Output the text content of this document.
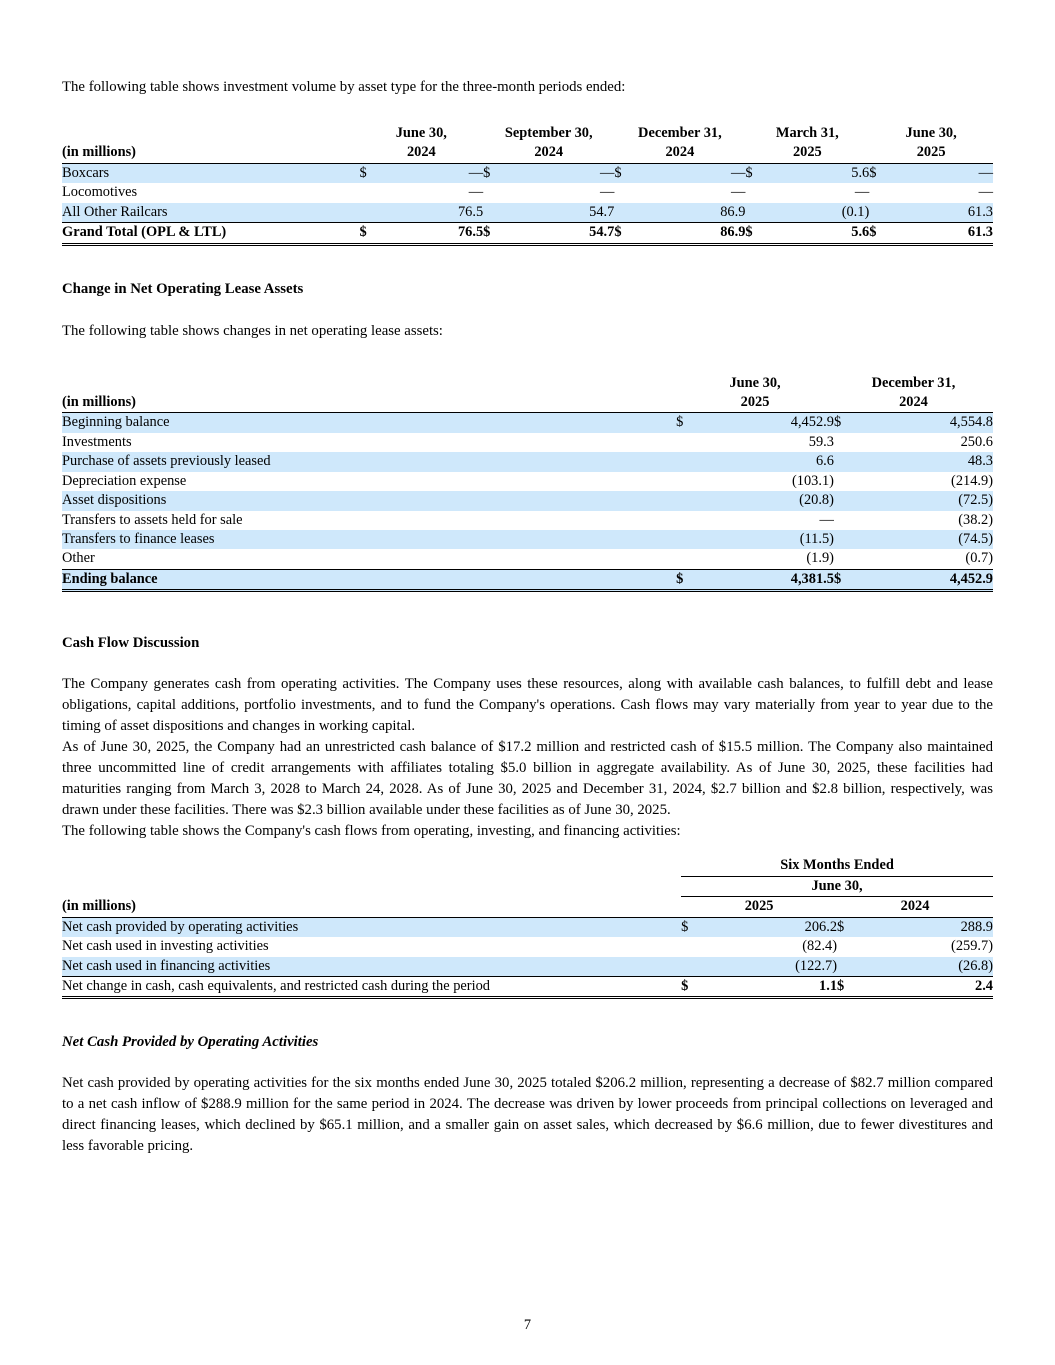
The following table shows investment volume by asset type for the three-month periods ended:

	June 30,		September 30,		December 31,		March 31,		June 30,	
(in millions)	2024		2024		2024		2025		2025	
Boxcars	$	—	$	—	$	—	$	5.6	$	—
Locomotives		—		—		—		—		—
All Other Railcars		76.5		54.7		86.9		(0.1)		61.3
Grand Total (OPL & LTL)	$	76.5	$	54.7	$	86.9	$	5.6	$	61.3
Change in Net Operating Lease Assets

The following table shows changes in net operating lease assets:

	June 30,		December 31,	
(in millions)	2025		2024	
Beginning balance	$	4,452.9	$	4,554.8
Investments		59.3		250.6
Purchase of assets previously leased		6.6		48.3
Depreciation expense		(103.1)		(214.9)
Asset dispositions		(20.8)		(72.5)
Transfers to assets held for sale		—		(38.2)
Transfers to finance leases		(11.5)		(74.5)
Other		(1.9)		(0.7)
Ending balance	$	4,381.5	$	4,452.9
Cash Flow Discussion

The Company generates cash from operating activities. The Company uses these resources, along with available cash balances, to fulfill debt and lease obligations, capital additions, portfolio investments, and to fund the Company's operations. Cash flows may vary materially from year to year due to the timing of asset dispositions and changes in working capital.

As of June 30, 2025, the Company had an unrestricted cash balance of $17.2 million and restricted cash of $15.5 million. The Company also maintained three uncommitted line of credit arrangements with affiliates totaling $5.0 billion in aggregate availability. As of June 30, 2025, these facilities had maturities ranging from March 3, 2028 to March 24, 2028. As of June 30, 2025 and December 31, 2024, $2.7 billion and $2.8 billion, respectively, was drawn under these facilities. There was $2.3 billion available under these facilities as of June 30, 2025.

The following table shows the Company's cash flows from operating, investing, and financing activities:

	Six Months Ended			
	June 30,			
(in millions)	2025		2024	
Net cash provided by operating activities	$	206.2	$	288.9
Net cash used in investing activities		(82.4)		(259.7)
Net cash used in financing activities		(122.7)		(26.8)
Net change in cash, cash equivalents, and restricted cash during the period	$	1.1	$	2.4

Net Cash Provided by Operating Activities

Net cash provided by operating activities for the six months ended June 30, 2025 totaled $206.2 million, representing a decrease of $82.7 million compared to a net cash inflow of $288.9 million for the same period in 2024. The decrease was driven by lower proceeds from principal collections on leveraged and direct financing leases, which declined by $65.1 million, and a smaller gain on asset sales, which decreased by $6.6 million, due to fewer divestitures and less favorable pricing.

7
